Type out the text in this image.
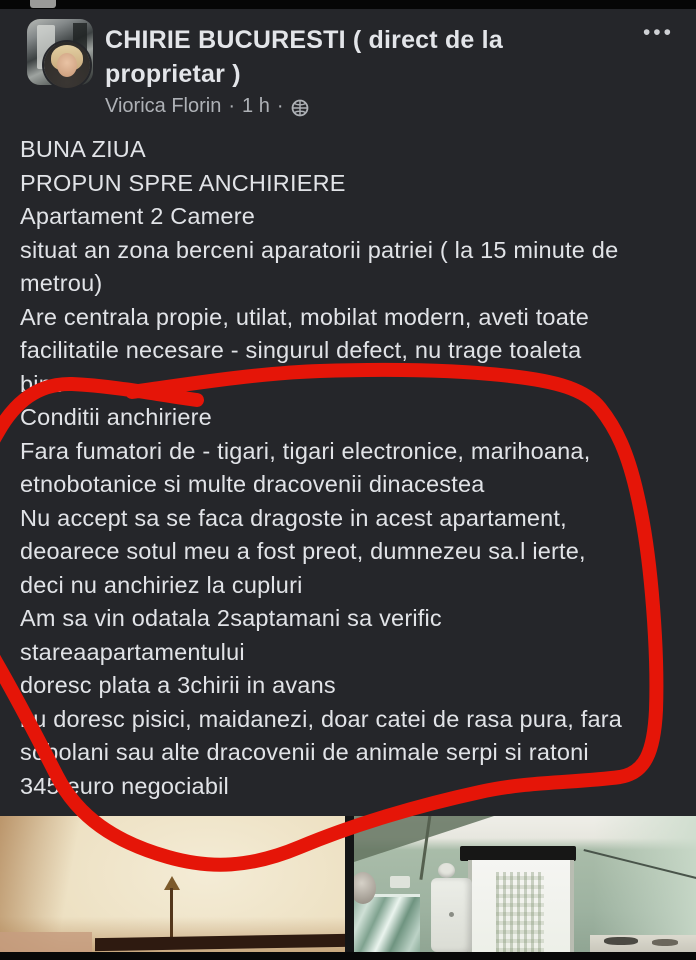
CHIRIE BUCURESTI ( direct de la
proprietar )
Viorica Florin · 1 h ·
•••
BUNA ZIUA
PROPUN SPRE ANCHIRIERE
Apartament 2 Camere
situat an zona berceni aparatorii patriei ( la 15 minute de
metrou)
Are centrala propie, utilat, mobilat modern, aveti toate
facilitatile necesare - singurul defect, nu trage toaleta
bine
Conditii anchiriere
Fara fumatori de - tigari, tigari electronice, marihoana,
etnobotanice si multe dracovenii dinacestea
Nu accept sa se faca dragoste in acest apartament,
deoarece sotul meu a fost preot, dumnezeu sa.l ierte,
deci nu anchiriez la cupluri
Am sa vin odatala 2saptamani sa verific
stareaapartamentului
doresc plata a 3chirii in avans
nu doresc pisici, maidanezi, doar catei de rasa pura, fara
sobolani sau alte dracovenii de animale serpi si ratoni
345 euro negociabil
